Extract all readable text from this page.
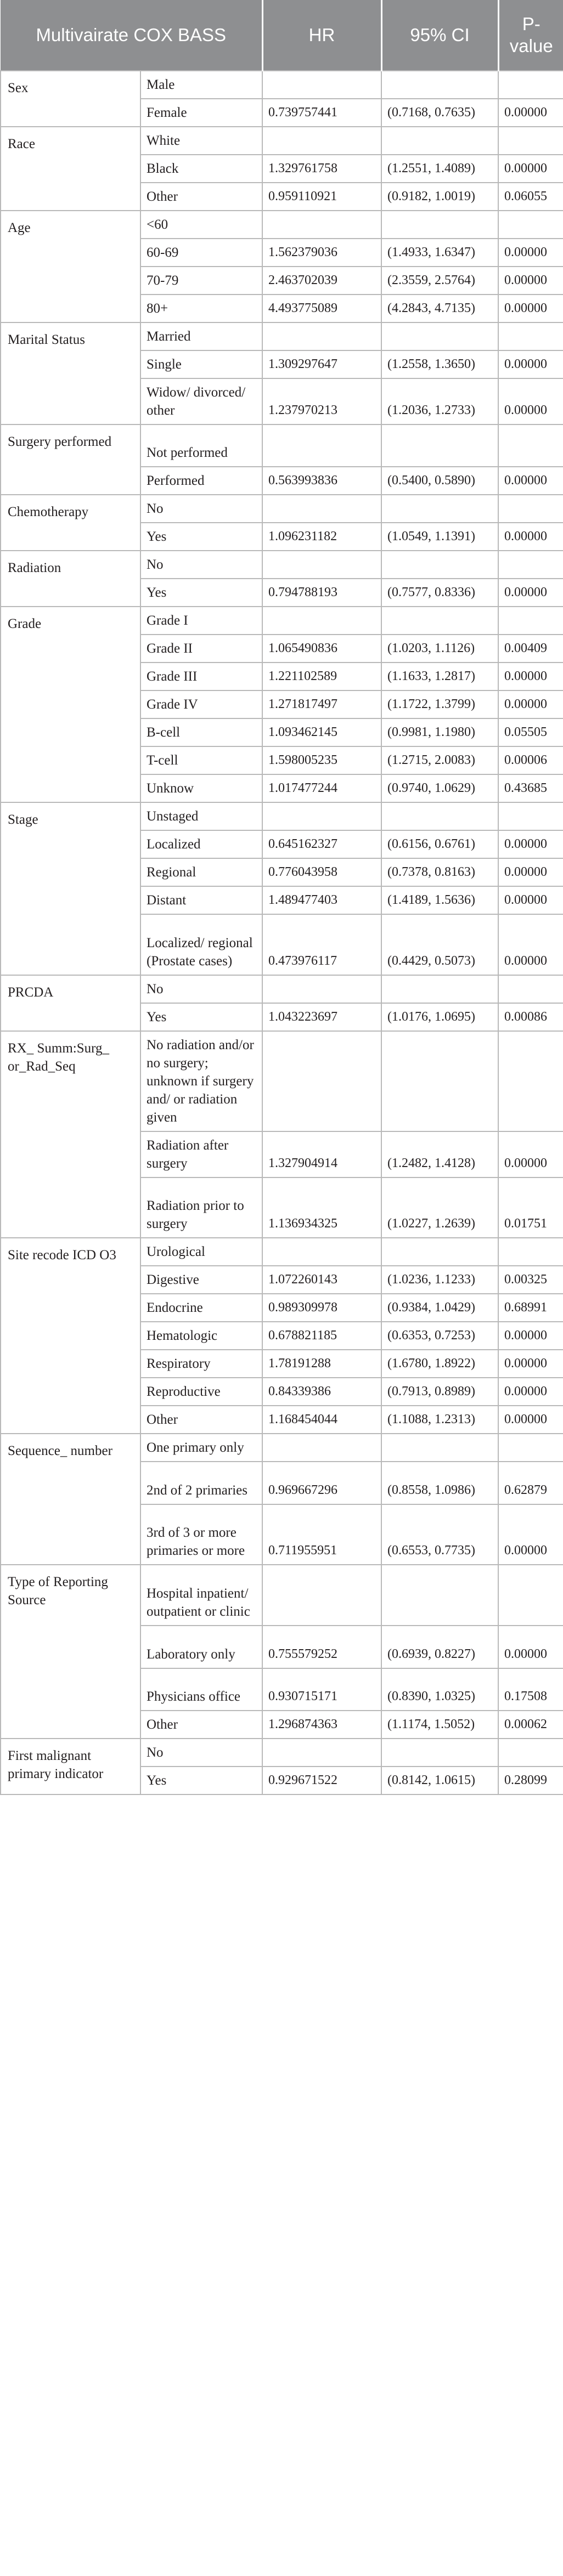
Multivairate COX BASS		HR	95% CI	P-value
Sex	Male			
	Female	0.739757441	(0.7168, 0.7635)	0.00000
Race	White			
	Black	1.329761758	(1.2551, 1.4089)	0.00000
	Other	0.959110921	(0.9182, 1.0019)	0.06055
Age	<60			
	60-69	1.562379036	(1.4933, 1.6347)	0.00000
	70-79	2.463702039	(2.3559, 2.5764)	0.00000
	80+	4.493775089	(4.2843, 4.7135)	0.00000
Marital Status	Married			
	Single	1.309297647	(1.2558, 1.3650)	0.00000
	Widow/ divorced/ other	1.237970213	(1.2036, 1.2733)	0.00000
Surgery performed	Not performed			
	Performed	0.563993836	(0.5400, 0.5890)	0.00000
Chemotherapy	No			
	Yes	1.096231182	(1.0549, 1.1391)	0.00000
Radiation	No			
	Yes	0.794788193	(0.7577, 0.8336)	0.00000
Grade	Grade I			
	Grade II	1.065490836	(1.0203, 1.1126)	0.00409
	Grade III	1.221102589	(1.1633, 1.2817)	0.00000
	Grade IV	1.271817497	(1.1722, 1.3799)	0.00000
	B-cell	1.093462145	(0.9981, 1.1980)	0.05505
	T-cell	1.598005235	(1.2715, 2.0083)	0.00006
	Unknow	1.017477244	(0.9740, 1.0629)	0.43685
Stage	Unstaged			
	Localized	0.645162327	(0.6156, 0.6761)	0.00000
	Regional	0.776043958	(0.7378, 0.8163)	0.00000
	Distant	1.489477403	(1.4189, 1.5636)	0.00000
	Localized/ regional (Prostate cases)	0.473976117	(0.4429, 0.5073)	0.00000
PRCDA	No			
	Yes	1.043223697	(1.0176, 1.0695)	0.00086
RX_ Summ:Surg_ or_Rad_Seq	No radiation and/or no surgery; unknown if surgery and/ or radiation given			
	Radiation after surgery	1.327904914	(1.2482, 1.4128)	0.00000
	Radiation prior to surgery	1.136934325	(1.0227, 1.2639)	0.01751
Site recode ICD O3	Urological			
	Digestive	1.072260143	(1.0236, 1.1233)	0.00325
	Endocrine	0.989309978	(0.9384, 1.0429)	0.68991
	Hematologic	0.678821185	(0.6353, 0.7253)	0.00000
	Respiratory	1.78191288	(1.6780, 1.8922)	0.00000
	Reproductive	0.84339386	(0.7913, 0.8989)	0.00000
	Other	1.168454044	(1.1088, 1.2313)	0.00000
Sequence_ number	One primary only			
	2nd of 2 primaries	0.969667296	(0.8558, 1.0986)	0.62879
	3rd of 3 or more primaries or more	0.711955951	(0.6553, 0.7735)	0.00000
Type of Reporting Source	Hospital inpatient/ outpatient or clinic			
	Laboratory only	0.755579252	(0.6939, 0.8227)	0.00000
	Physicians office	0.930715171	(0.8390, 1.0325)	0.17508
	Other	1.296874363	(1.1174, 1.5052)	0.00062
First malignant primary indicator	No			
	Yes	0.929671522	(0.8142, 1.0615)	0.28099
